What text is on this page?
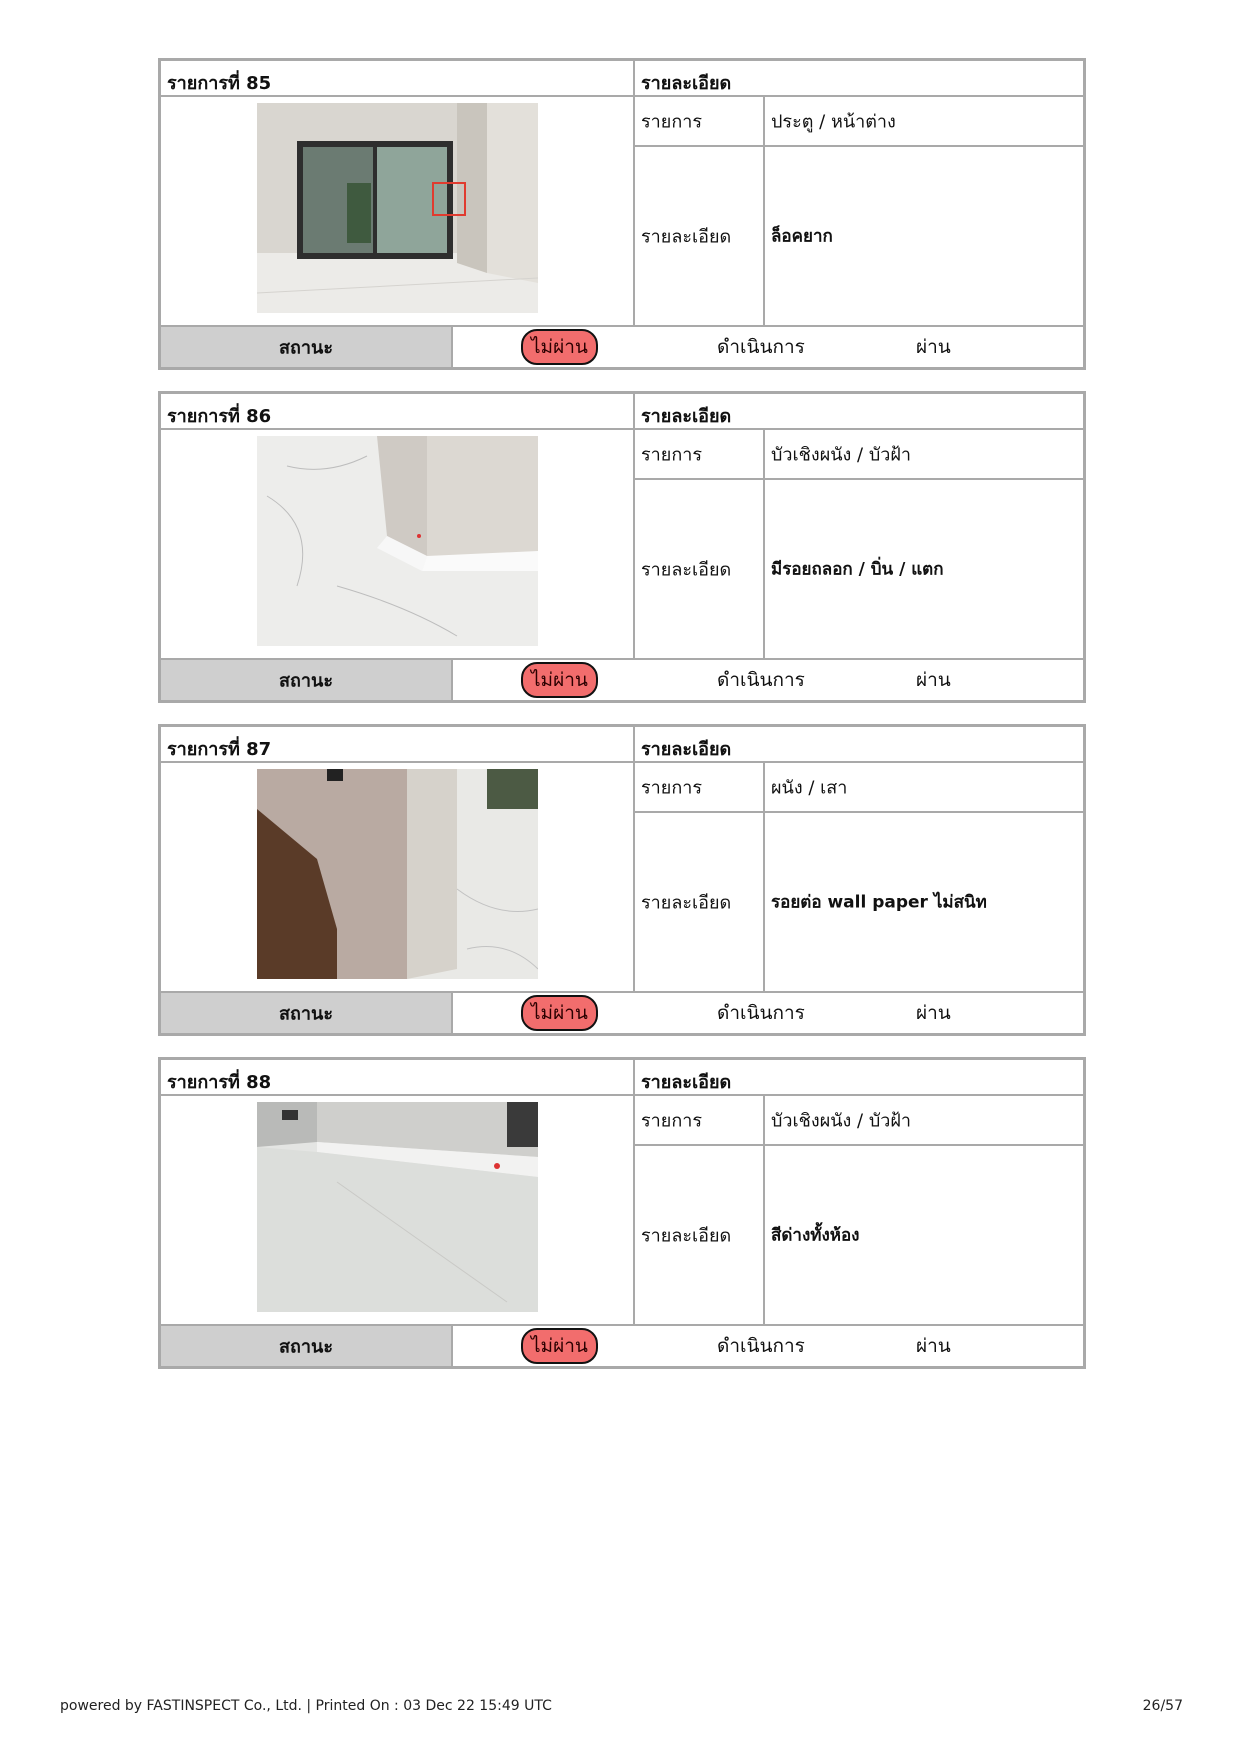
รายการที่ 85	รายละเอียด
รายการ	ประตู / หน้าต่าง
รายละเอียด ล็อคยาก
สถานะ	ไม่ผ่าน	ดำเนินการ	ผ่าน
รายการที่ 86	รายละเอียด
รายการ	บัวเชิงผนัง / บัวฝ้า
รายละเอียด มีรอยถลอก / บิ่น / แตก
สถานะ	ไม่ผ่าน	ดำเนินการ	ผ่าน
รายการที่ 87	รายละเอียด
รายการ	ผนัง / เสา
รายละเอียด รอยต่อ wall paper ไม่สนิท
สถานะ	ไม่ผ่าน	ดำเนินการ	ผ่าน
รายการที่ 88	รายละเอียด
รายการ	บัวเชิงผนัง / บัวฝ้า
รายละเอียด สีด่างทั้งห้อง
สถานะ	ไม่ผ่าน	ดำเนินการ	ผ่าน
powered by FASTINSPECT Co., Ltd. | Printed On : 03 Dec 22 15:49 UTC	26/57
